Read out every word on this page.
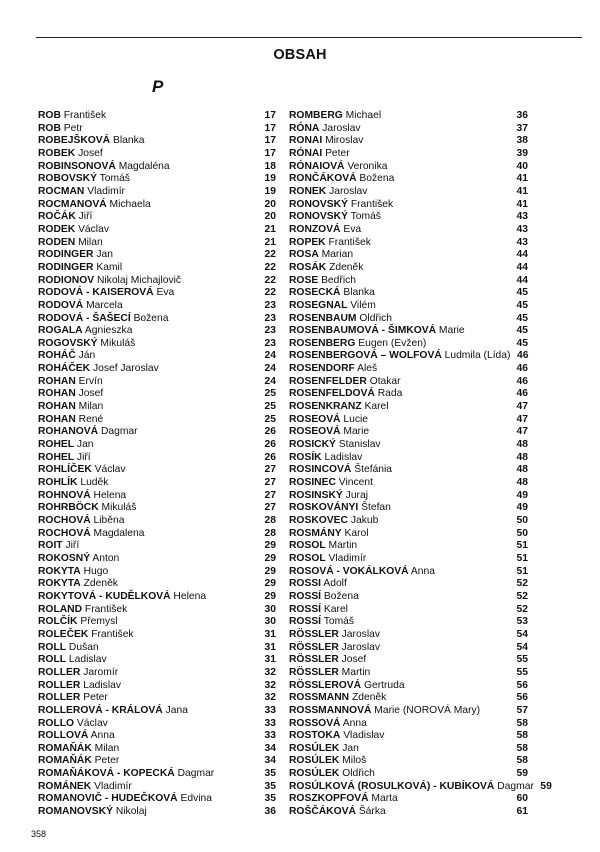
OBSAH
P
ROB František	17
ROB Petr	17
ROBEJŠKOVÁ Blanka	17
ROBEK Josef	17
ROBINSONOVÁ Magdaléna	18
ROBOVSKÝ Tomáš	19
ROCMAN Vladimír	19
ROCMANOVÁ Michaela	20
ROČÁK Jiří	20
RODEK Václav	21
RODEN Milan	21
RODINGER Jan	22
RODINGER Kamil	22
RODIONOV Nikolaj Michajlovič	22
RODOVÁ - KAISEROVÁ Eva	22
RODOVÁ Marcela	23
RODOVÁ - ŠAŠECÍ Božena	23
ROGALA Agnieszka	23
ROGOVSKÝ Mikuláš	23
ROHÁČ Ján	24
ROHÁČEK Josef Jaroslav	24
ROHAN Ervín	24
ROHAN Josef	25
ROHAN Milan	25
ROHAN René	25
ROHANOVÁ Dagmar	26
ROHEL Jan	26
ROHEL Jiří	26
ROHLÍČEK Václav	27
ROHLÍK Luděk	27
ROHNOVÁ Helena	27
ROHRBÖCK Mikuláš	27
ROCHOVÁ Liběna	28
ROCHOVÁ Magdalena	28
ROIT Jiří	29
ROKOSNÝ Anton	29
ROKYTA Hugo	29
ROKYTA Zdeněk	29
ROKYTOVÁ - KUDĚLKOVÁ Helena	29
ROLAND František	30
ROLČÍK Přemysl	30
ROLEČEK František	31
ROLL Dušan	31
ROLL Ladislav	31
ROLLER Jaromír	32
ROLLER Ladislav	32
ROLLER Peter	32
ROLLEROVÁ - KRÁLOVÁ Jana	33
ROLLO Václav	33
ROLLOVÁ Anna	33
ROMAŇÁK Milan	34
ROMAŇÁK Peter	34
ROMAŇÁKOVÁ - KOPECKÁ Dagmar	35
ROMÁNEK Vladimír	35
ROMANOVIČ - HUDEČKOVÁ Edvina	35
ROMANOVSKÝ Nikolaj	36
ROMBERG Michael	36
RÓNA Jaroslav	37
RONAI Miroslav	38
RÓNAI Peter	39
RÓNAIOVÁ Veronika	40
RONČÁKOVÁ Božena	41
RONEK Jaroslav	41
RONOVSKÝ František	41
RONOVSKÝ Tomáš	43
RONZOVÁ Eva	43
ROPEK František	43
ROSA Marian	44
ROSÁK Zdeněk	44
ROSE Bedřich	44
ROSECKÁ Blanka	45
ROSEGNAL Vilém	45
ROSENBAUM Oldřich	45
ROSENBAUMOVÁ - ŠIMKOVÁ Marie	45
ROSENBERG Eugen (Evžen)	45
ROSENBERGOVÁ – WOLFOVÁ Ludmila (Lída) 46
ROSENDORF Aleš	46
ROSENFELDER Otakar	46
ROSENFELDOVÁ Rada	46
ROSENKRANZ Karel	47
ROSEOVÁ Lucie	47
ROSEOVÁ Marie	47
ROSICKÝ Stanislav	48
ROSÍK Ladislav	48
ROSINCOVÁ Štefánia	48
ROSINEC Vincent	48
ROSINSKÝ Juraj	49
ROSKOVÁNYI Štefan	49
ROSKOVEC Jakub	50
ROSMÁNY Karol	50
ROSOL Martin	51
ROSOL Vladimír	51
ROSOVÁ - VOKÁLKOVÁ Anna	51
ROSSI Adolf	52
ROSSÍ Božena	52
ROSSÍ Karel	52
ROSSÍ Tomáš	53
RÖSSLER Jaroslav	54
RÖSSLER Jaroslav	54
RÖSSLER Josef	55
RÖSSLER Martin	55
RÖSSLEROVÁ Gertruda	56
ROSSMANN Zdeněk	56
ROSSMANNOVÁ Marie (NOROVÁ Mary)	57
ROSSOVÁ Anna	58
ROSTOKA Vladislav	58
ROSÚLEK Jan	58
ROSÚLEK Miloš	58
ROSÚLEK Oldřich	59
ROSÚLKOVÁ (ROSULKOVÁ) - KUBÍKOVÁ Dagmar 59
ROSZKOPFOVÁ Marta	60
ROŠČÁKOVÁ Šárka	61
358
